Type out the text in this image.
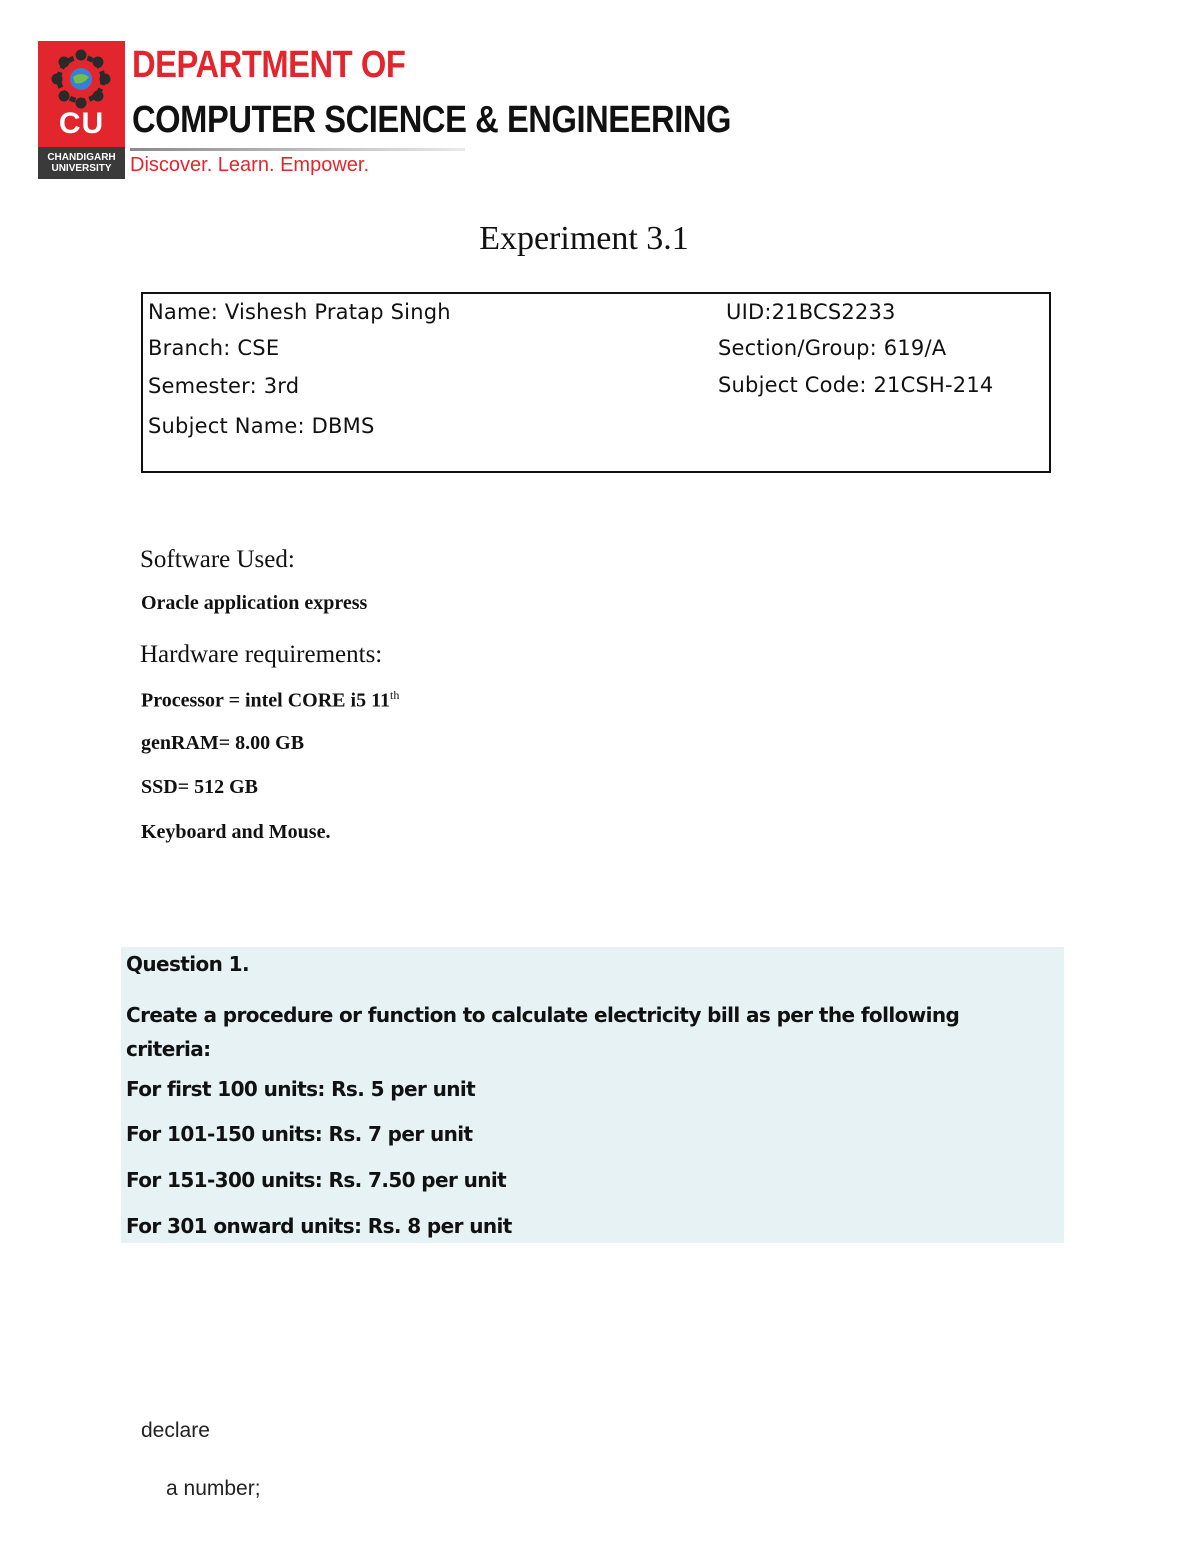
CU
CHANDIGARH
UNIVERSITY
DEPARTMENT OF
COMPUTER SCIENCE & ENGINEERING
Discover. Learn. Empower.
Experiment 3.1
Name: Vishesh Pratap Singh	UID:21BCS2233
Branch: CSE	Section/Group: 619/A
Semester: 3rd	Subject Code: 21CSH-214
Subject Name: DBMS
Software Used:
Oracle application express
Hardware requirements:
Processor = intel CORE i5 11th
genRAM= 8.00 GB
SSD= 512 GB
Keyboard and Mouse.
Question 1.
Create a procedure or function to calculate electricity bill as per the following criteria:
For first 100 units: Rs. 5 per unit
For 101-150 units: Rs. 7 per unit
For 151-300 units: Rs. 7.50 per unit
For 301 onward units: Rs. 8 per unit
declare
a number;
